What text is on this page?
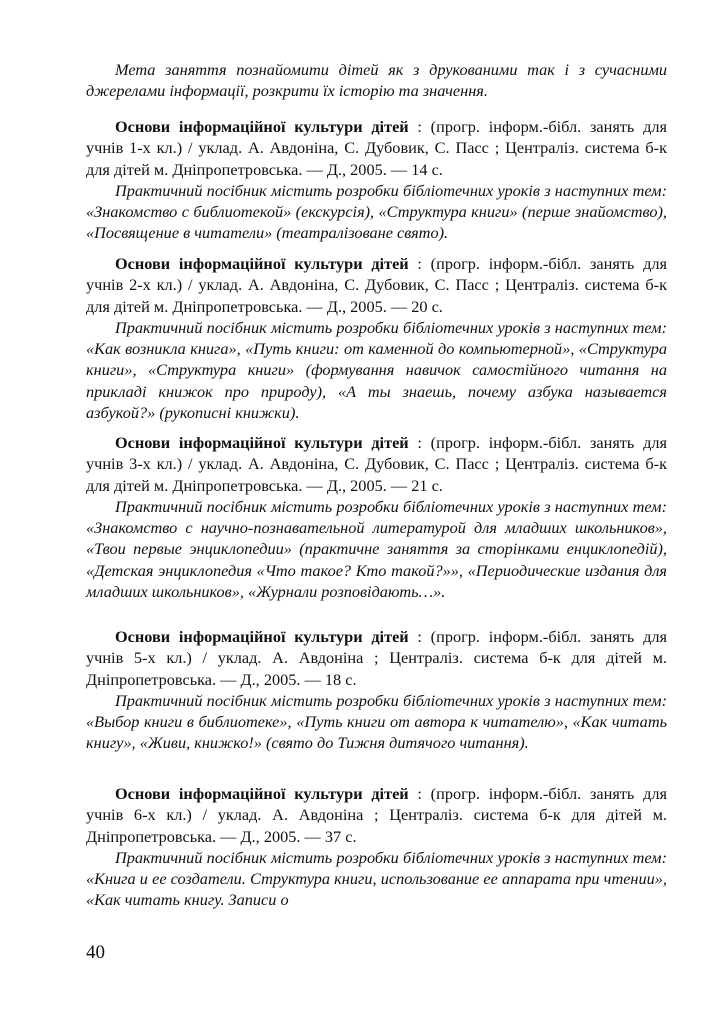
Мета заняття познайомити дітей як з друкованими так і з сучасними джерелами інформації, розкрити їх історію та значення.

Основи інформаційної культури дітей : (прогр. інформ.-бібл. занять для учнів 1-х кл.) / уклад. А. Авдоніна, С. Дубовик, С. Пасс ; Централіз. система б-к для дітей м. Дніпропетровська. — Д., 2005. — 14 с.

Практичний посібник містить розробки бібліотечних уроків з наступних тем: «Знакомство с библиотекой» (екскурсія), «Структура книги» (перше знайомство), «Посвящение в читатели» (театралізоване свято).

Основи інформаційної культури дітей : (прогр. інформ.-бібл. занять для учнів 2-х кл.) / уклад. А. Авдоніна, С. Дубовик, С. Пасс ; Централіз. система б-к для дітей м. Дніпропетровська. — Д., 2005. — 20 с.

Практичний посібник містить розробки бібліотечних уроків з наступних тем: «Как возникла книга», «Путь книги: от каменной до компьютерной», «Структура книги», «Структура книги» (формування навичок самостійного читання на прикладі книжок про природу), «А ты знаешь, почему азбука называется азбукой?» (рукописні книжки).

Основи інформаційної культури дітей : (прогр. інформ.-бібл. занять для учнів 3-х кл.) / уклад. А. Авдоніна, С. Дубовик, С. Пасс ; Централіз. система б-к для дітей м. Дніпропетровська. — Д., 2005. — 21 с.

Практичний посібник містить розробки бібліотечних уроків з наступних тем: «Знакомство с научно-познавательной литературой для младших школьников», «Твои первые энциклопедии» (практичне заняття за сторінками енциклопедій), «Детская энциклопедия «Что такое? Кто такой?»», «Периодические издания для младших школьников», «Журнали розповідають…».

Основи інформаційної культури дітей : (прогр. інформ.-бібл. занять для учнів 5-х кл.) / уклад. А. Авдоніна ; Централіз. система б-к для дітей м. Дніпропетровська. — Д., 2005. — 18 с.

Практичний посібник містить розробки бібліотечних уроків з наступних тем: «Выбор книги в библиотеке», «Путь книги от автора к читателю», «Как читать книгу», «Живи, книжко!» (свято до Тижня дитячого читання).

Основи інформаційної культури дітей : (прогр. інформ.-бібл. занять для учнів 6-х кл.) / уклад. А. Авдоніна ; Централіз. система б-к для дітей м. Дніпропетровська. — Д., 2005. — 37 с.

Практичний посібник містить розробки бібліотечних уроків з наступних тем: «Книга и ее создатели. Структура книги, использование ее аппарата при чтении», «Как читать книгу. Записи о

40
